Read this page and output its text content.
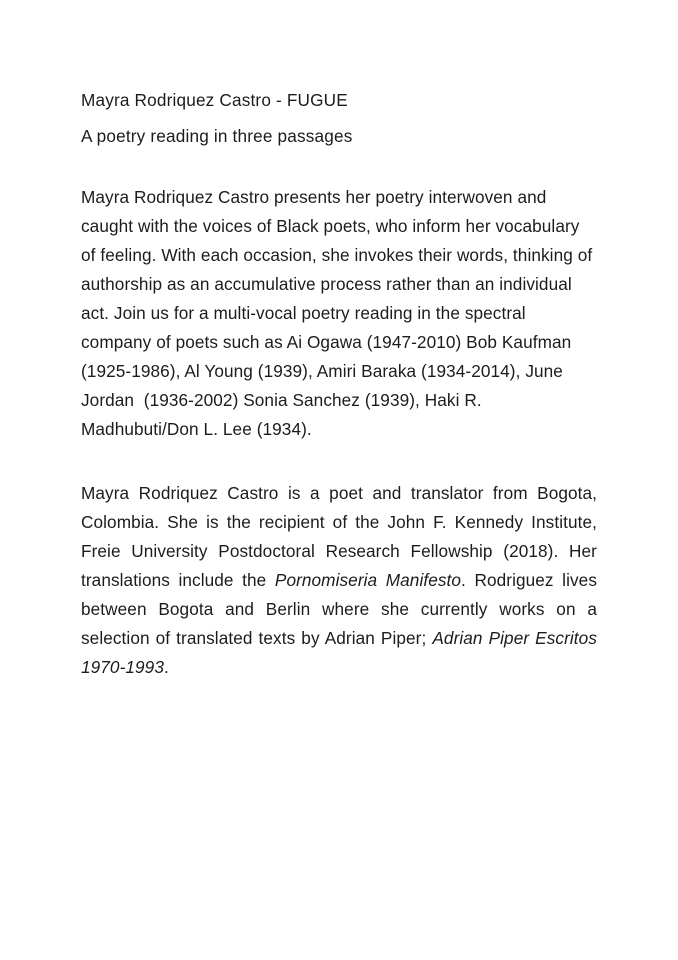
Mayra Rodriquez Castro - FUGUE
A poetry reading in three passages

Mayra Rodriquez Castro presents her poetry interwoven and caught with the voices of Black poets, who inform her vocabulary of feeling. With each occasion, she invokes their words, thinking of authorship as an accumulative process rather than an individual act. Join us for a multi-vocal poetry reading in the spectral company of poets such as Ai Ogawa (1947-2010) Bob Kaufman (1925-1986), Al Young (1939), Amiri Baraka (1934-2014), June Jordan  (1936-2002) Sonia Sanchez (1939), Haki R. Madhubuti/Don L. Lee (1934).

Mayra Rodriquez Castro is a poet and translator from Bogota, Colombia. She is the recipient of the John F. Kennedy Institute, Freie University Postdoctoral Research Fellowship (2018). Her translations include the Pornomiseria Manifesto. Rodriguez lives between Bogota and Berlin where she currently works on a selection of translated texts by Adrian Piper; Adrian Piper Escritos 1970-1993.
